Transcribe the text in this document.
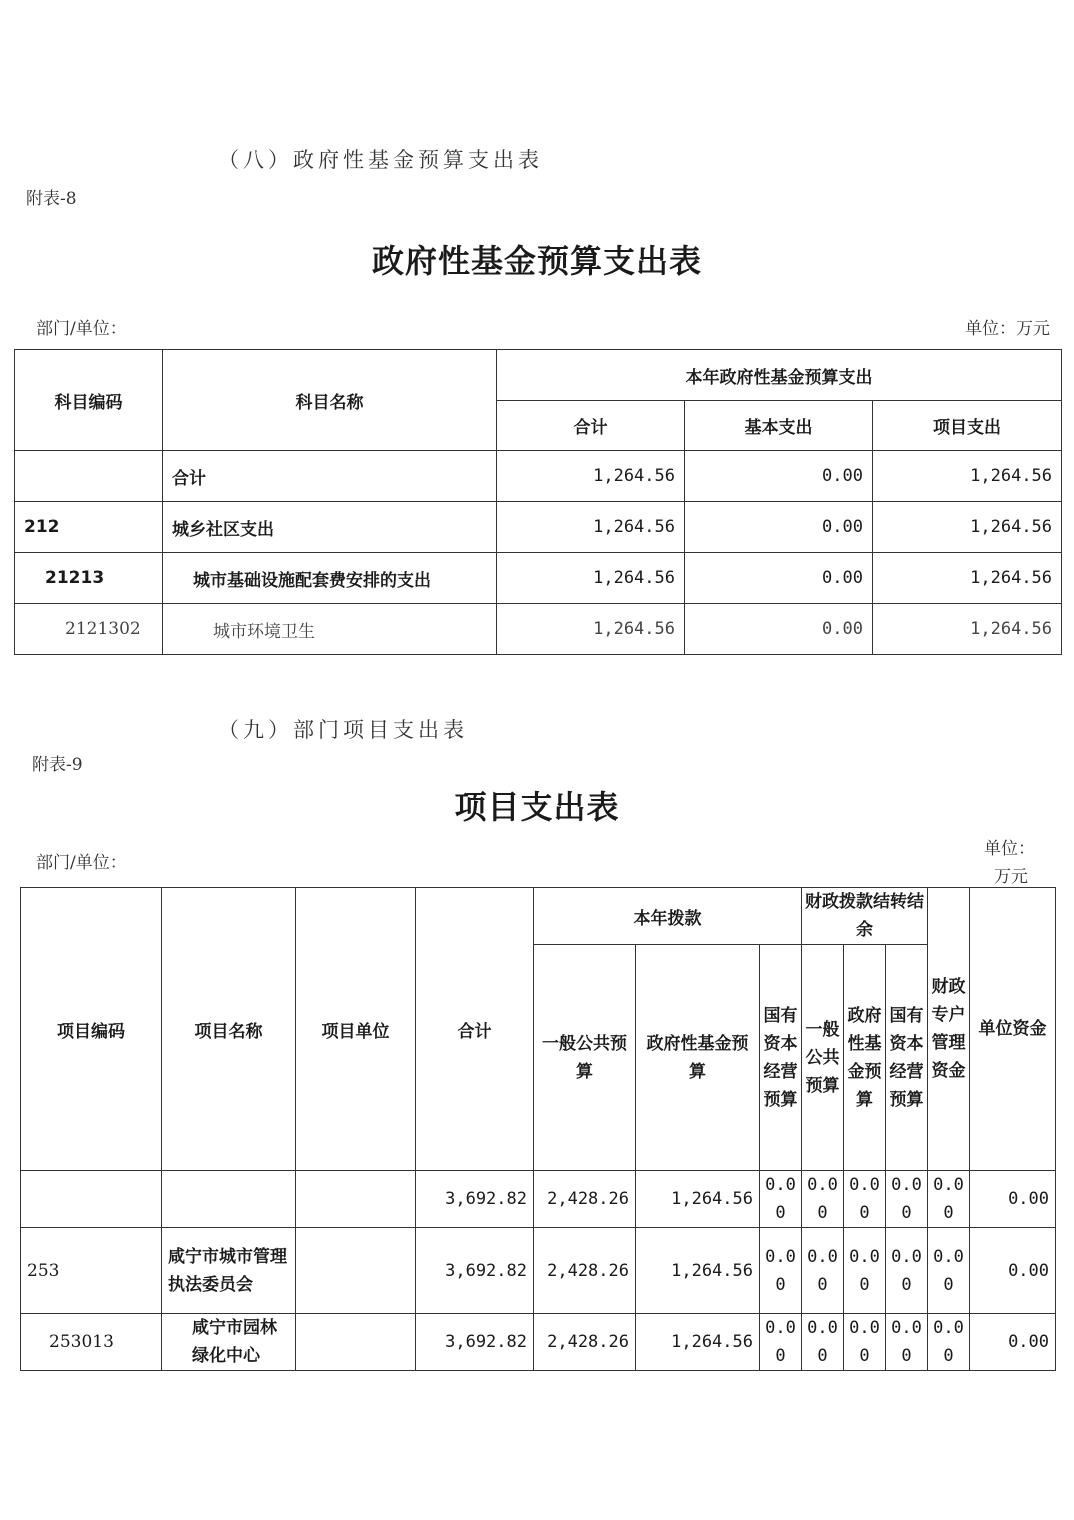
（八）政府性基金预算支出表
附表-8
政府性基金预算支出表
部门/单位：	单位：万元
科目编码	科目名称	本年政府性基金预算支出		
		合计	基本支出	项目支出
	合计	1,264.56	0.00	1,264.56
212	城乡社区支出	1,264.56	0.00	1,264.56
21213	城市基础设施配套费安排的支出	1,264.56	0.00	1,264.56
2121302	城市环境卫生	1,264.56	0.00	1,264.56
（九）部门项目支出表
附表-9
项目支出表
部门/单位：
单位：
万元
项目编码	项目名称	项目单位	合计	本年拨款			财政拨款结转结余			财政专户管理资金	单位资金
				一般公共预算	政府性基金预算	国有资本经营预算	一般公共预算	政府性基金预算	国有资本经营预算		
			3,692.82	2,428.26	1,264.56	0.00	0.00	0.00	0.00	0.00	0.00
253	咸宁市城市管理执法委员会		3,692.82	2,428.26	1,264.56	0.00	0.00	0.00	0.00	0.00	0.00
253013	咸宁市园林绿化中心		3,692.82	2,428.26	1,264.56	0.00	0.00	0.00	0.00	0.00	0.00
